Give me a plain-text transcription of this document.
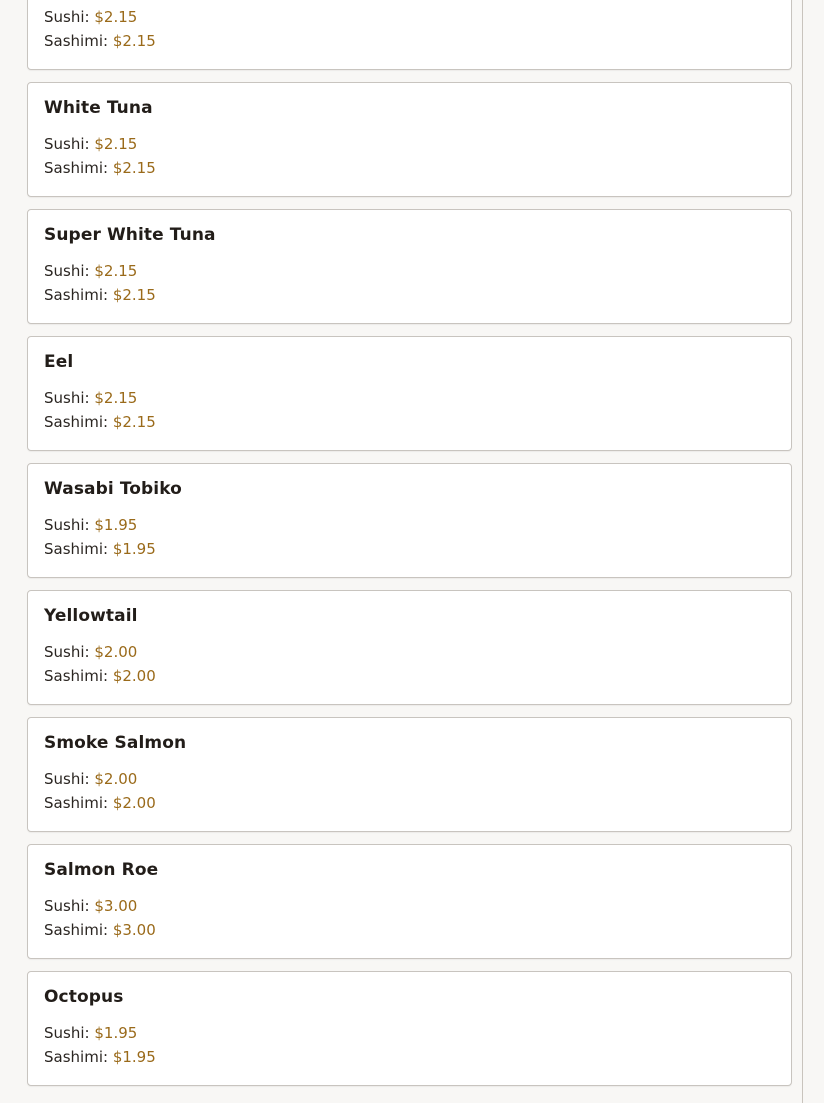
Sushi: $2.15
Sashimi: $2.15
White Tuna
Sushi: $2.15
Sashimi: $2.15
Super White Tuna
Sushi: $2.15
Sashimi: $2.15
Eel
Sushi: $2.15
Sashimi: $2.15
Wasabi Tobiko
Sushi: $1.95
Sashimi: $1.95
Yellowtail
Sushi: $2.00
Sashimi: $2.00
Smoke Salmon
Sushi: $2.00
Sashimi: $2.00
Salmon Roe
Sushi: $3.00
Sashimi: $3.00
Octopus
Sushi: $1.95
Sashimi: $1.95
